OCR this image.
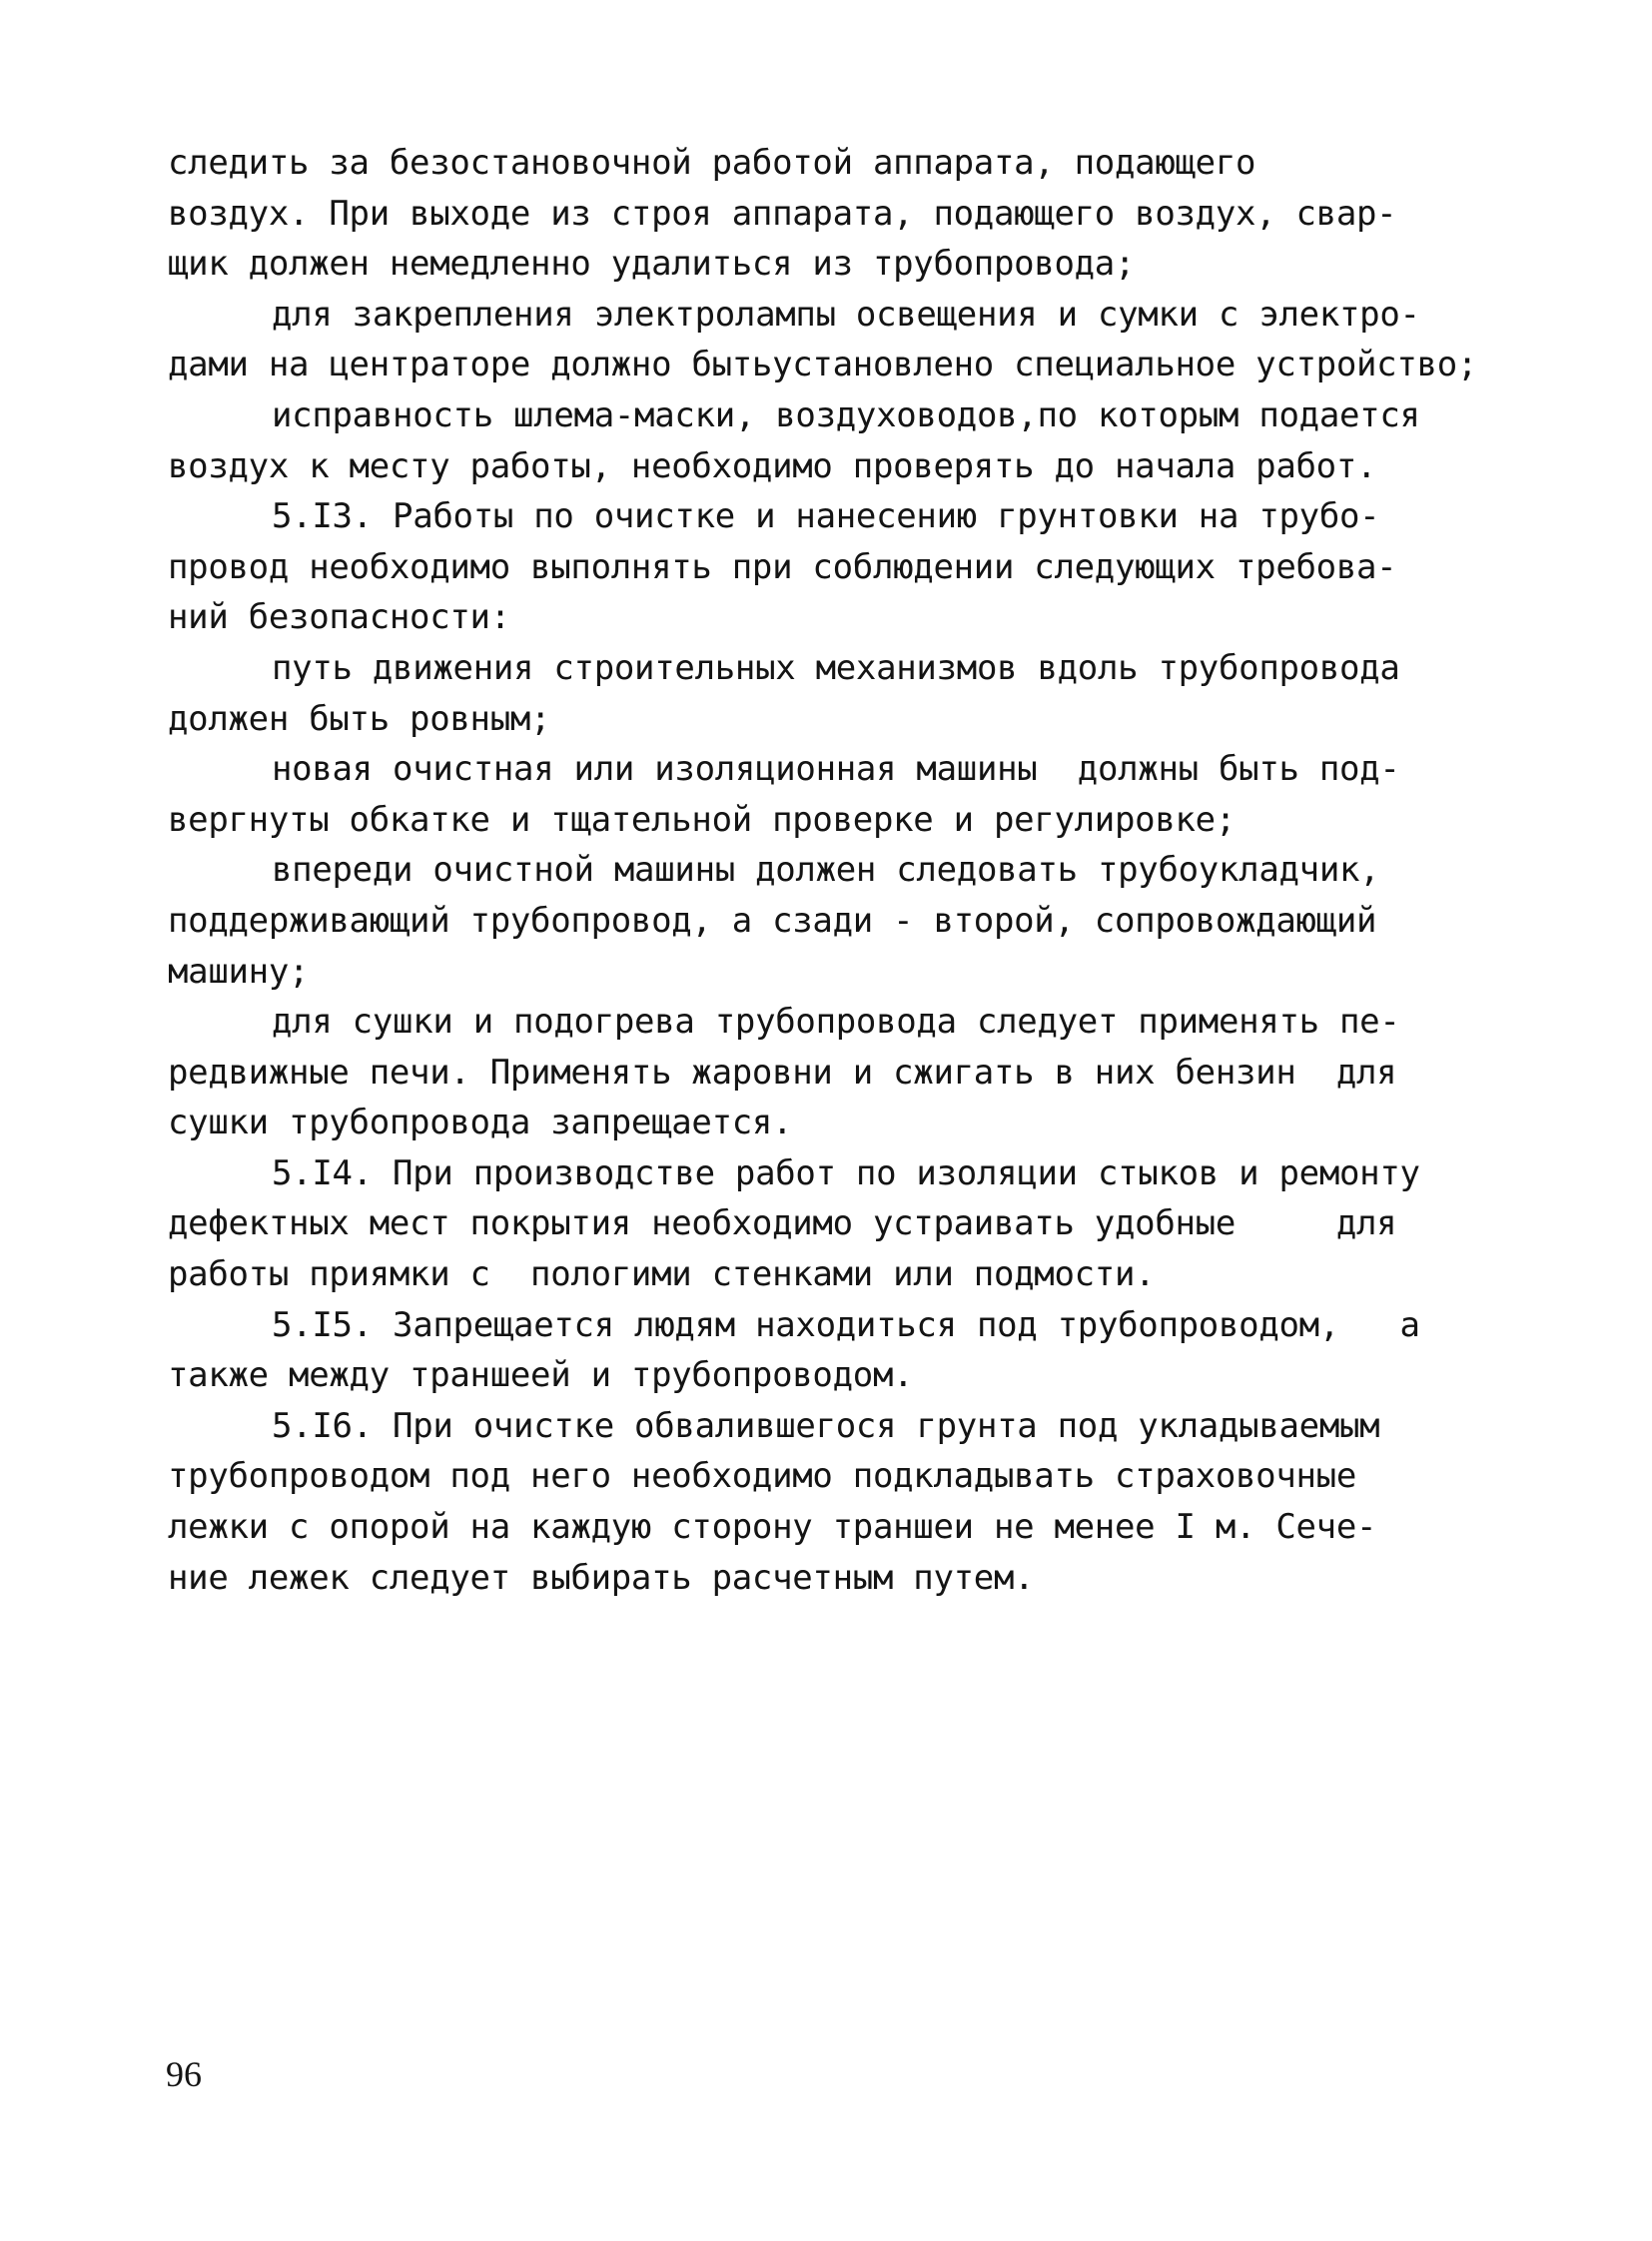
следить за безостановочной работой аппарата, подающего
воздух. При выходе из строя аппарата, подающего воздух, свар-
щик должен немедленно удалиться из трубопровода;
для закрепления электролампы освещения и сумки с электро-
дами на центраторе должно бытьустановлено специальное устройство;
исправность шлема-маски, воздуховодов,по которым подается
воздух к месту работы, необходимо проверять до начала работ.
5.I3. Работы по очистке и нанесению грунтовки на трубо-
провод необходимо выполнять при соблюдении следующих требова-
ний безопасности:
путь движения строительных механизмов вдоль трубопровода
должен быть ровным;
новая очистная или изоляционная машины  должны быть под-
вергнуты обкатке и тщательной проверке и регулировке;
впереди очистной машины должен следовать трубоукладчик,
поддерживающий трубопровод, а сзади - второй, сопровождающий
машину;
для сушки и подогрева трубопровода следует применять пе-
редвижные печи. Применять жаровни и сжигать в них бензин  для
сушки трубопровода запрещается.
5.I4. При производстве работ по изоляции стыков и ремонту
дефектных мест покрытия необходимо устраивать удобные     для
работы приямки с  пологими стенками или подмости.
5.I5. Запрещается людям находиться под трубопроводом,   а
также между траншеей и трубопроводом.
5.I6. При очистке обвалившегося грунта под укладываемым
трубопроводом под него необходимо подкладывать страховочные
лежки с опорой на каждую сторону траншеи не менее I м. Сече-
ние лежек следует выбирать расчетным путем.
96
